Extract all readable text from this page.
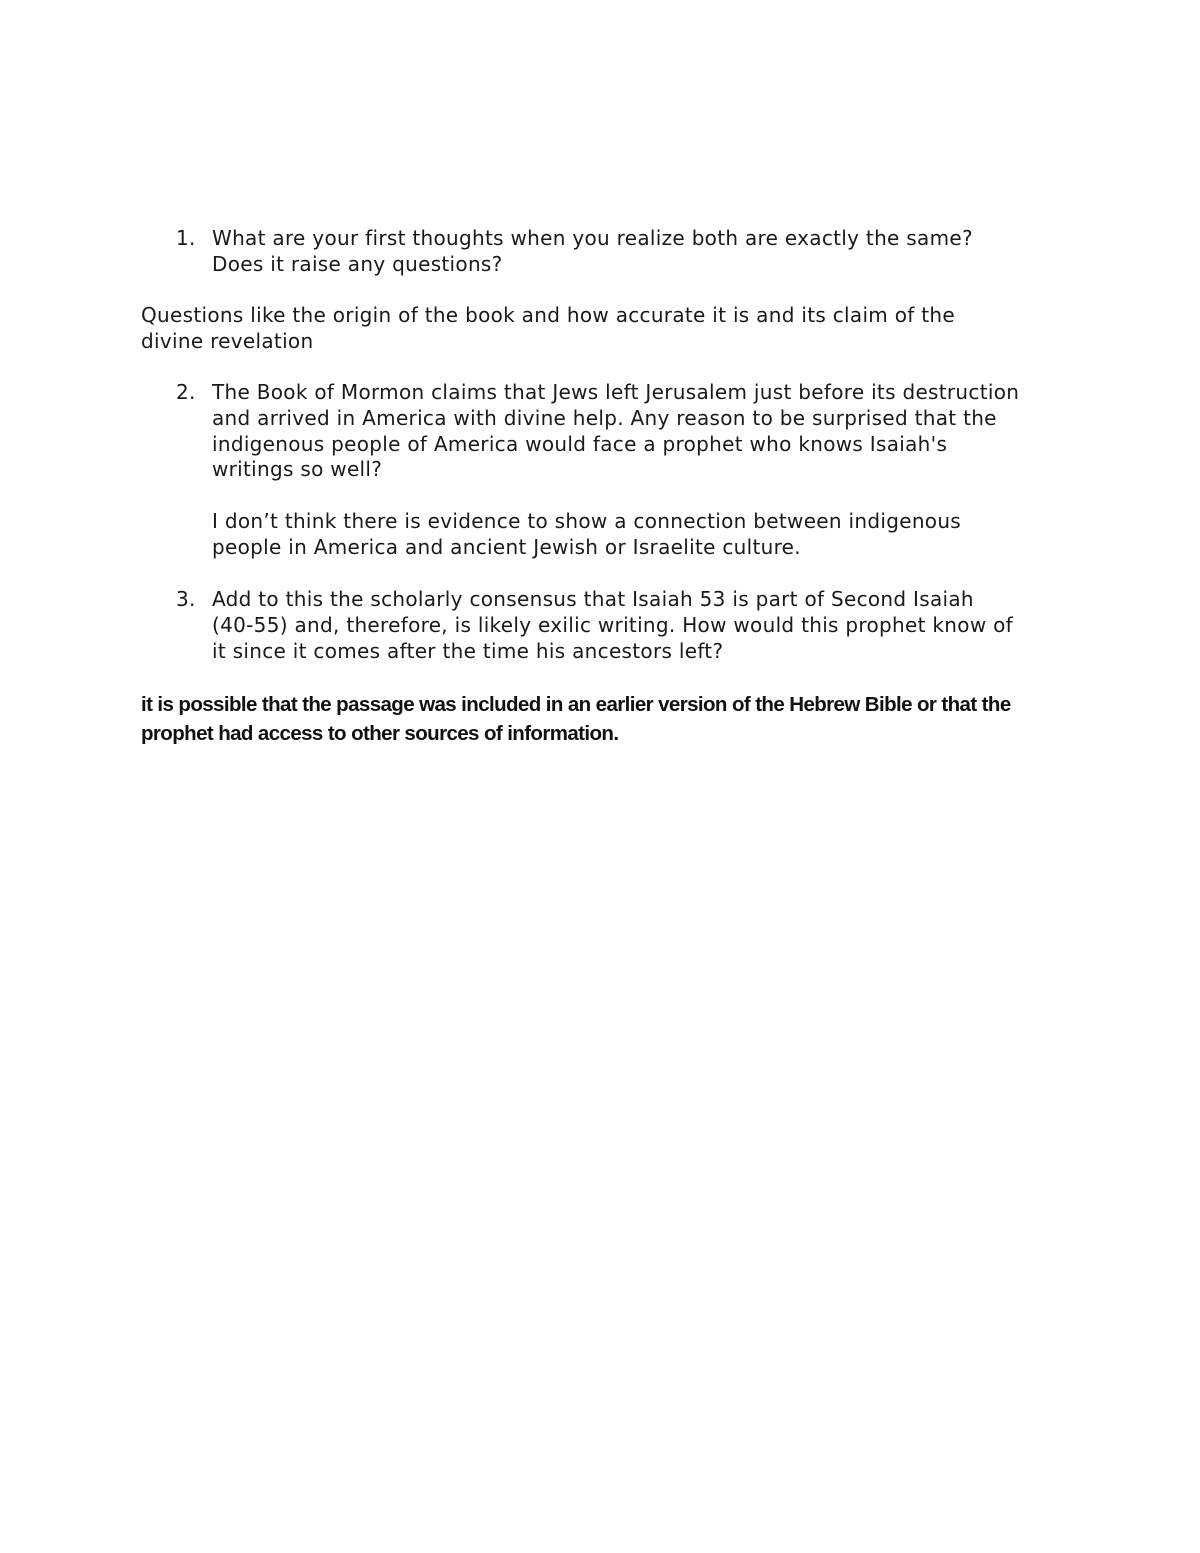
1. What are your first thoughts when you realize both are exactly the same?
Does it raise any questions?
Questions like the origin of the book and how accurate it is and its claim of the
divine revelation
2. The Book of Mormon claims that Jews left Jerusalem just before its destruction
and arrived in America with divine help. Any reason to be surprised that the
indigenous people of America would face a prophet who knows Isaiah's
writings so well?
I don’t think there is evidence to show a connection between indigenous
people in America and ancient Jewish or Israelite culture.
3. Add to this the scholarly consensus that Isaiah 53 is part of Second Isaiah
(40-55) and, therefore, is likely exilic writing. How would this prophet know of
it since it comes after the time his ancestors left?
it is possible that the passage was included in an earlier version of the Hebrew Bible or that the
prophet had access to other sources of information.
